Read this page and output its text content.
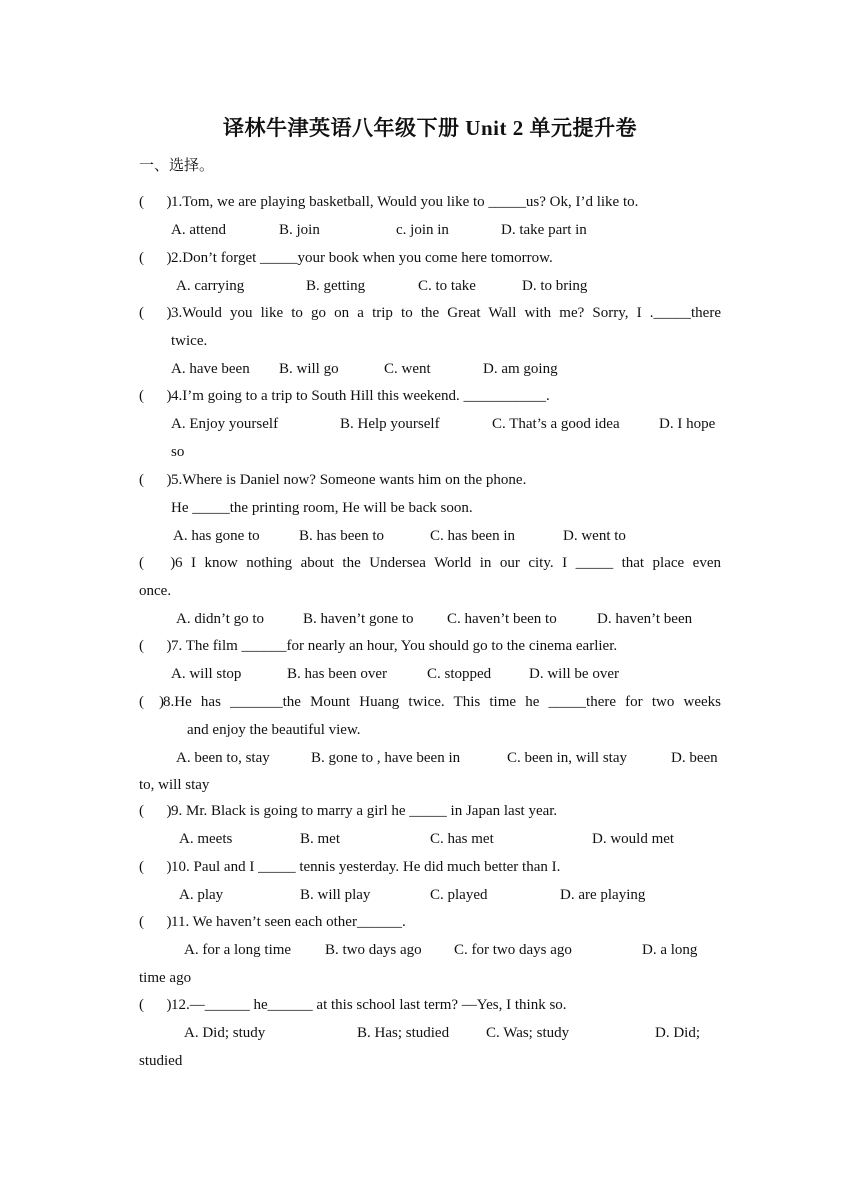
译林牛津英语八年级下册 Unit 2 单元提升卷
一、选择。
( )1.Tom, we are playing basketball, Would you like to _____us? Ok, I’d like to.
A. attend	B. join	c. join in	D. take part in
( )2.Don’t forget _____your book when you come here tomorrow.
A. carrying	B. getting	C. to take	D. to bring
( )3.Would you like to go on a trip to the Great Wall with me? Sorry, I ._____there
twice.
A. have been B. will go	C. went	D. am going
( )4.I’m going to a trip to South Hill this weekend. ___________.
A. Enjoy yourself	B. Help yourself	C. That’s a good idea	D. I hope
so
( )5.Where is Daniel now? Someone wants him on the phone.
He _____the printing room, He will be back soon.
A. has gone to	B. has been to	C. has been in	D. went to
( )6 I know nothing about the Undersea World in our city. I _____ that place even
once.
A. didn’t go to	B. haven’t gone to C. haven’t been to	D. haven’t been
( )7. The film ______for nearly an hour, You should go to the cinema earlier.
A. will stop	B. has been over	C. stopped	D. will be over
( )8.He has _______the Mount Huang twice. This time he _____there for two weeks
and enjoy the beautiful view.
A. been to, stay	B. gone to , have been in	C. been in, will stay	D. been
to, will stay
( )9. Mr. Black is going to marry a girl he _____ in Japan last year.
A. meets	B. met	C. has met	D. would met
( )10. Paul and I _____ tennis yesterday. He did much better than I.
A. play	B. will play	C. played	D. are playing
( )11. We haven’t seen each other______.
A. for a long time B. two days ago C. for two days ago	D. a long
time ago
( )12.—______ he______ at this school last term? —Yes, I think so.
A. Did; study	B. Has; studied C. Was; study	D. Did;
studied
